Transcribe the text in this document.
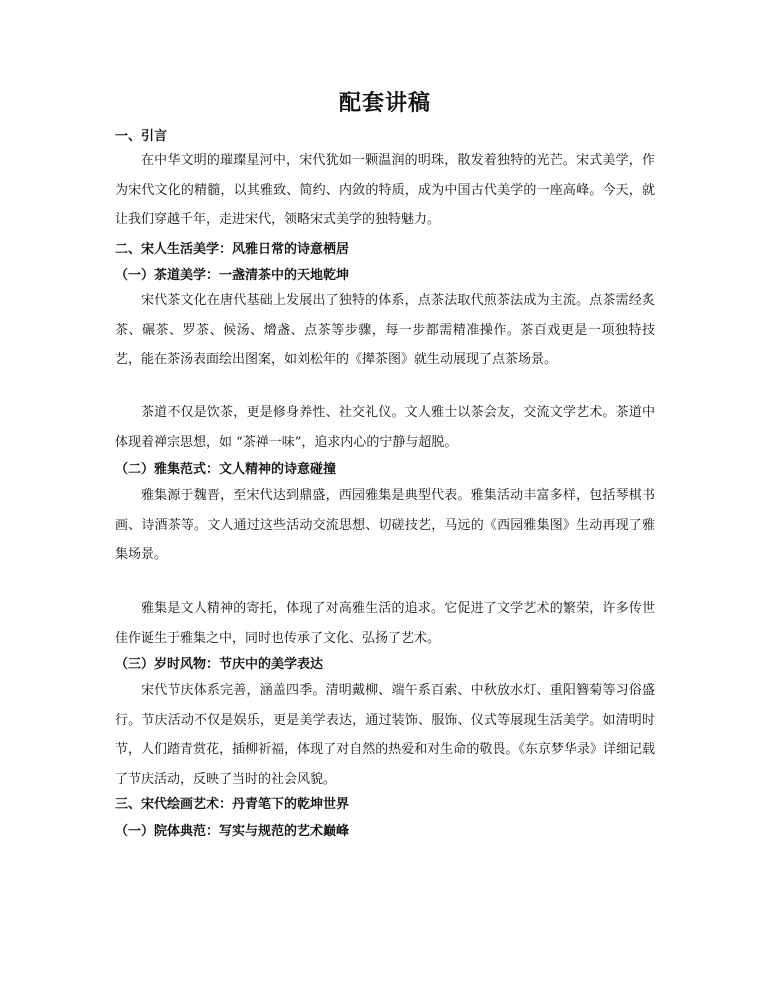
配套讲稿
一、引言
在中华文明的璀璨星河中，宋代犹如一颗温润的明珠，散发着独特的光芒。宋式美学，作为宋代文化的精髓，以其雅致、简约、内敛的特质，成为中国古代美学的一座高峰。今天，就让我们穿越千年，走进宋代，领略宋式美学的独特魅力。
二、宋人生活美学：风雅日常的诗意栖居
（一）茶道美学：一盏清茶中的天地乾坤
宋代茶文化在唐代基础上发展出了独特的体系，点茶法取代煎茶法成为主流。点茶需经炙茶、碾茶、罗茶、候汤、熁盏、点茶等步骤，每一步都需精准操作。茶百戏更是一项独特技艺，能在茶汤表面绘出图案，如刘松年的《撵茶图》就生动展现了点茶场景。
茶道不仅是饮茶，更是修身养性、社交礼仪。文人雅士以茶会友，交流文学艺术。茶道中体现着禅宗思想，如 “茶禅一味”，追求内心的宁静与超脱。
（二）雅集范式：文人精神的诗意碰撞
雅集源于魏晋，至宋代达到鼎盛，西园雅集是典型代表。雅集活动丰富多样，包括琴棋书画、诗酒茶等。文人通过这些活动交流思想、切磋技艺，马远的《西园雅集图》生动再现了雅集场景。
雅集是文人精神的寄托，体现了对高雅生活的追求。它促进了文学艺术的繁荣，许多传世佳作诞生于雅集之中，同时也传承了文化、弘扬了艺术。
（三）岁时风物：节庆中的美学表达
宋代节庆体系完善，涵盖四季。清明戴柳、端午系百索、中秋放水灯、重阳簪菊等习俗盛行。节庆活动不仅是娱乐，更是美学表达，通过装饰、服饰、仪式等展现生活美学。如清明时节，人们踏青赏花，插柳祈福，体现了对自然的热爱和对生命的敬畏。《东京梦华录》详细记载了节庆活动，反映了当时的社会风貌。
三、宋代绘画艺术：丹青笔下的乾坤世界
（一）院体典范：写实与规范的艺术巅峰
